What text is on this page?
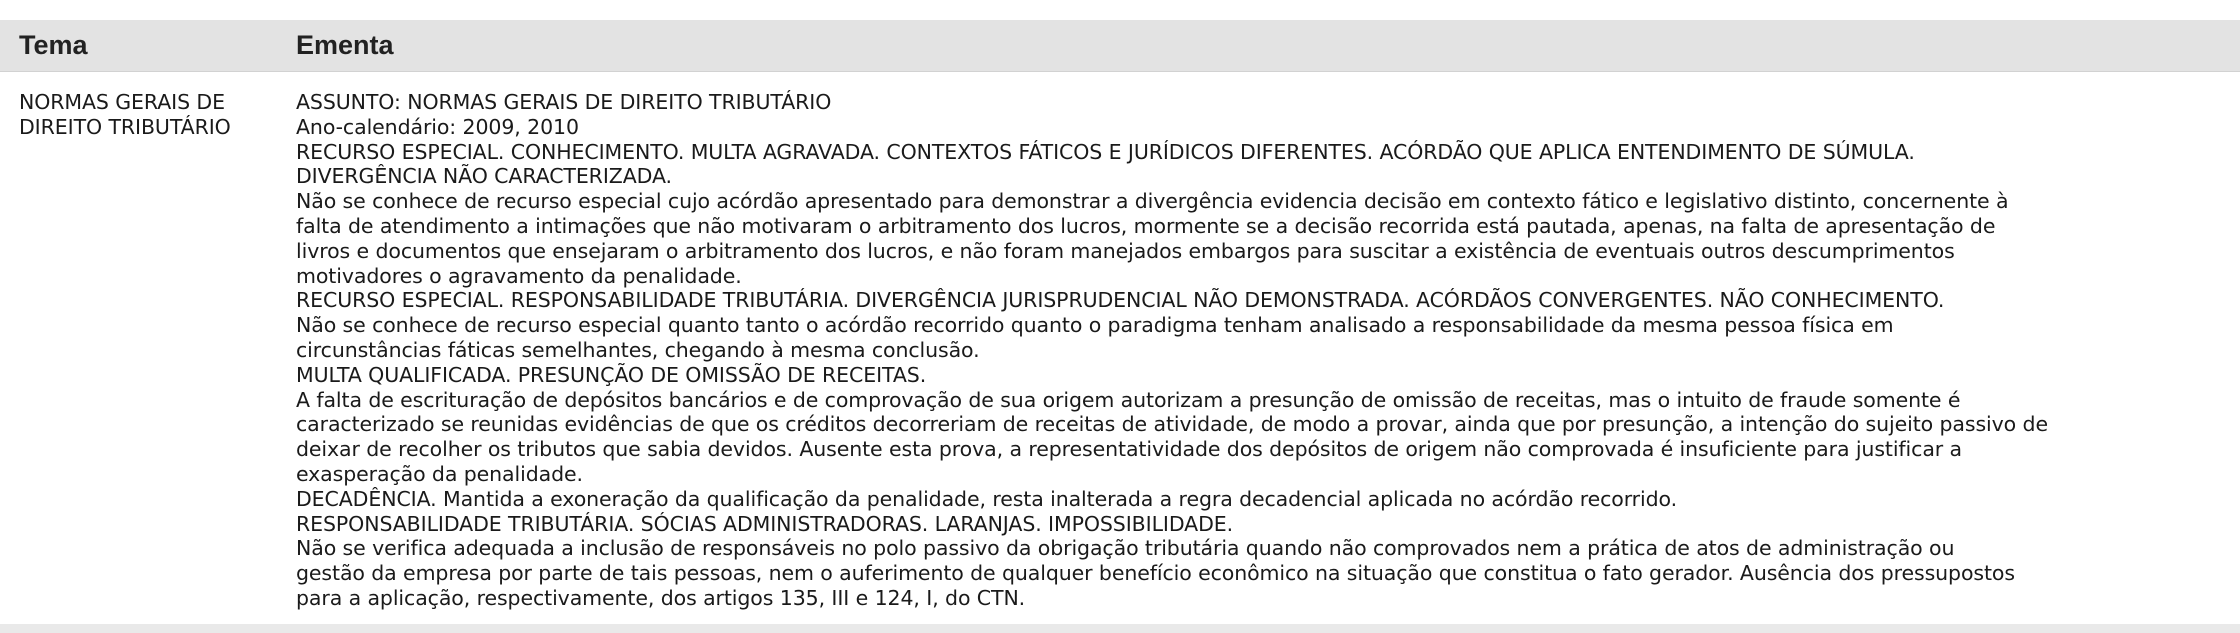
Tema	Ementa
NORMAS GERAIS DE
DIREITO TRIBUTÁRIO
ASSUNTO: NORMAS GERAIS DE DIREITO TRIBUTÁRIO
Ano-calendário: 2009, 2010
RECURSO ESPECIAL. CONHECIMENTO. MULTA AGRAVADA. CONTEXTOS FÁTICOS E JURÍDICOS DIFERENTES. ACÓRDÃO QUE APLICA ENTENDIMENTO DE SÚMULA.
DIVERGÊNCIA NÃO CARACTERIZADA.
Não se conhece de recurso especial cujo acórdão apresentado para demonstrar a divergência evidencia decisão em contexto fático e legislativo distinto, concernente à
falta de atendimento a intimações que não motivaram o arbitramento dos lucros, mormente se a decisão recorrida está pautada, apenas, na falta de apresentação de
livros e documentos que ensejaram o arbitramento dos lucros, e não foram manejados embargos para suscitar a existência de eventuais outros descumprimentos
motivadores o agravamento da penalidade.
RECURSO ESPECIAL. RESPONSABILIDADE TRIBUTÁRIA. DIVERGÊNCIA JURISPRUDENCIAL NÃO DEMONSTRADA. ACÓRDÃOS CONVERGENTES. NÃO CONHECIMENTO.
Não se conhece de recurso especial quanto tanto o acórdão recorrido quanto o paradigma tenham analisado a responsabilidade da mesma pessoa física em
circunstâncias fáticas semelhantes, chegando à mesma conclusão.
MULTA QUALIFICADA. PRESUNÇÃO DE OMISSÃO DE RECEITAS.
A falta de escrituração de depósitos bancários e de comprovação de sua origem autorizam a presunção de omissão de receitas, mas o intuito de fraude somente é
caracterizado se reunidas evidências de que os créditos decorreriam de receitas de atividade, de modo a provar, ainda que por presunção, a intenção do sujeito passivo de
deixar de recolher os tributos que sabia devidos. Ausente esta prova, a representatividade dos depósitos de origem não comprovada é insuficiente para justificar a
exasperação da penalidade.
DECADÊNCIA. Mantida a exoneração da qualificação da penalidade, resta inalterada a regra decadencial aplicada no acórdão recorrido.
RESPONSABILIDADE TRIBUTÁRIA. SÓCIAS ADMINISTRADORAS. LARANJAS. IMPOSSIBILIDADE.
Não se verifica adequada a inclusão de responsáveis no polo passivo da obrigação tributária quando não comprovados nem a prática de atos de administração ou
gestão da empresa por parte de tais pessoas, nem o auferimento de qualquer benefício econômico na situação que constitua o fato gerador. Ausência dos pressupostos
para a aplicação, respectivamente, dos artigos 135, III e 124, I, do CTN.
